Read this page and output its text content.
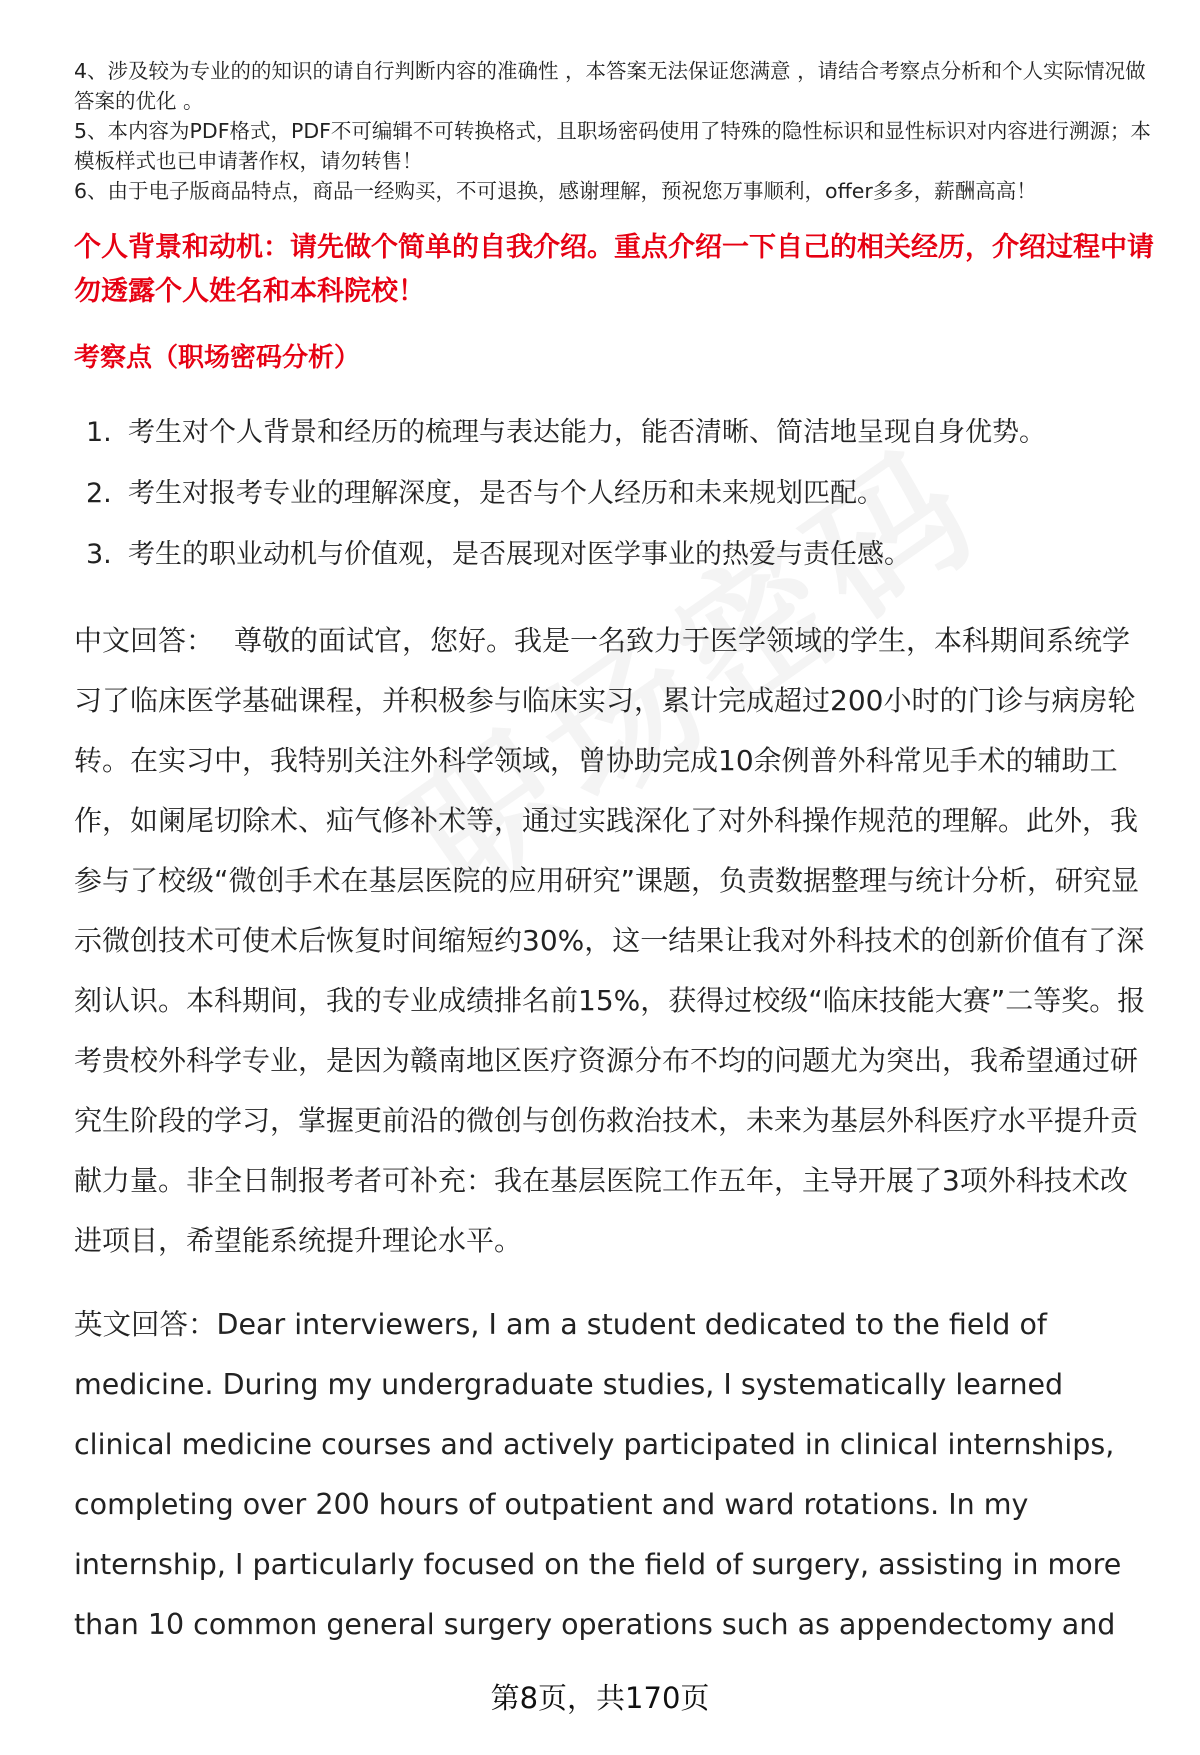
4、涉及较为专业的的知识的请自行判断内容的准确性 ，本答案无法保证您满意 ，请结合考察点分析和个人实际情况做答案的优化 。

5、本内容为PDF格式，PDF不可编辑不可转换格式，且职场密码使用了特殊的隐性标识和显性标识对内容进行溯源；本模板样式也已申请著作权，请勿转售！

6、由于电子版商品特点，商品一经购买，不可退换，感谢理解，预祝您万事顺利，offer多多，薪酬高高！

个人背景和动机：请先做个简单的自我介绍。重点介绍一下自己的相关经历，介绍过程中请勿透露个人姓名和本科院校！
考察点（职场密码分析）
1. 考生对个人背景和经历的梳理与表达能力，能否清晰、简洁地呈现自身优势。
2. 考生对报考专业的理解深度，是否与个人经历和未来规划匹配。
3. 考生的职业动机与价值观，是否展现对医学事业的热爱与责任感。

中文回答： 尊敬的面试官，您好。我是一名致力于医学领域的学生，本科期间系统学习了临床医学基础课程，并积极参与临床实习，累计完成超过200小时的门诊与病房轮转。在实习中，我特别关注外科学领域，曾协助完成10余例普外科常见手术的辅助工作，如阑尾切除术、疝气修补术等，通过实践深化了对外科操作规范的理解。此外，我参与了校级“微创手术在基层医院的应用研究”课题，负责数据整理与统计分析，研究显示微创技术可使术后恢复时间缩短约30%，这一结果让我对外科技术的创新价值有了深刻认识。本科期间，我的专业成绩排名前15%，获得过校级“临床技能大赛”二等奖。报考贵校外科学专业，是因为赣南地区医疗资源分布不均的问题尤为突出，我希望通过研究生阶段的学习，掌握更前沿的微创与创伤救治技术，未来为基层外科医疗水平提升贡献力量。非全日制报考者可补充：我在基层医院工作五年，主导开展了3项外科技术改进项目，希望能系统提升理论水平。

英文回答：Dear interviewers, I am a student dedicated to the field of medicine. During my undergraduate studies, I systematically learned clinical medicine courses and actively participated in clinical internships, completing over 200 hours of outpatient and ward rotations. In my internship, I particularly focused on the field of surgery, assisting in more than 10 common general surgery operations such as appendectomy and

第8页，共170页
